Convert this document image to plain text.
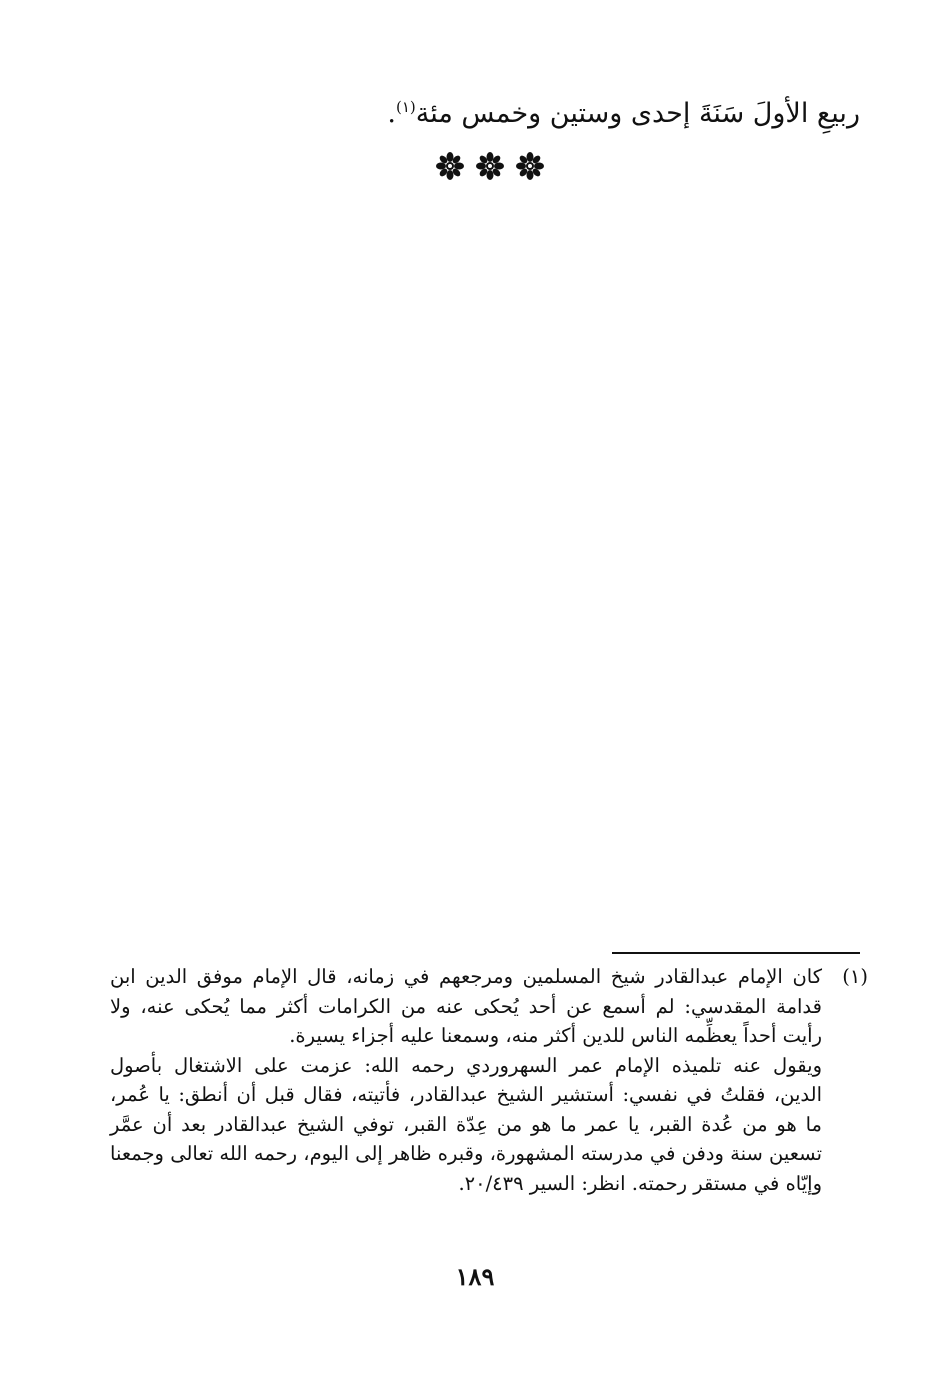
ربيعِ الأولَ سَنَةَ إحدى وستين وخمس مئة$^{(١)}$.
(١)
كان الإمام عبدالقادر شيخ المسلمين ومرجعهم في زمانه، قال الإمام موفق الدين ابن
قدامة المقدسي: لم أسمع عن أحد يُحكى عنه من الكرامات أكثر مما يُحكى عنه، ولا
رأيت أحداً يعظِّمه الناس للدين أكثر منه، وسمعنا عليه أجزاء يسيرة.
ويقول عنه تلميذه الإمام عمر السهروردي رحمه الله: عزمت على الاشتغال بأصول
الدين، فقلتُ في نفسي: أستشير الشيخ عبدالقادر، فأتيته، فقال قبل أن أنطق: يا عُمر،
ما هو من عُدة القبر، يا عمر ما هو من عِدّة القبر، توفي الشيخ عبدالقادر بعد أن عمَّر
تسعين سنة ودفن في مدرسته المشهورة، وقبره ظاهر إلى اليوم، رحمه الله تعالى وجمعنا
وإيّاه في مستقر رحمته. انظر: السير ٢٠/٤٣٩.
١٨٩
